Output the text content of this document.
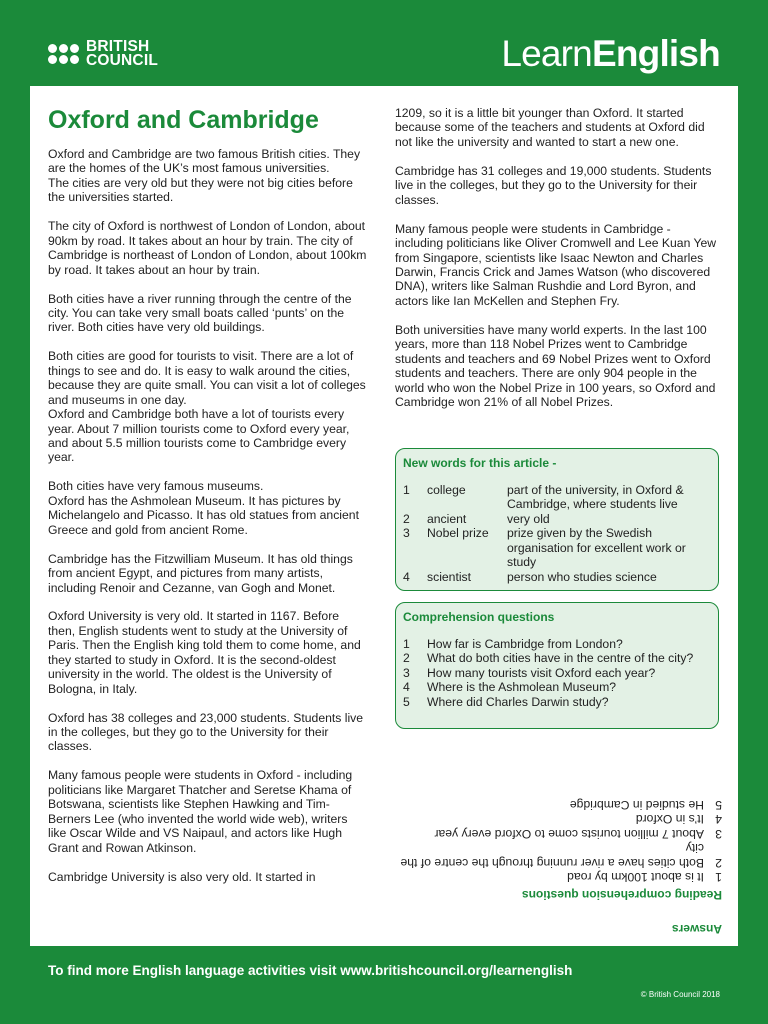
BRITISH
COUNCIL	LearnEnglish
Oxford and Cambridge

Oxford and Cambridge are two famous British cities. They are the homes of the UK’s most famous universities.
The cities are very old but they were not big cities before the universities started.

The city of Oxford is northwest of London of London, about 90km by road. It takes about an hour by train. The city of Cambridge is northeast of London of London, about 100km by road. It takes about an hour by train.

Both cities have a river running through the centre of the city. You can take very small boats called ‘punts’ on the river. Both cities have very old buildings.

Both cities are good for tourists to visit. There are a lot of things to see and do. It is easy to walk around the cities, because they are quite small. You can visit a lot of colleges and museums in one day.
Oxford and Cambridge both have a lot of tourists every year. About 7 million tourists come to Oxford every year, and about 5.5 million tourists come to Cambridge every year.

Both cities have very famous museums.
Oxford has the Ashmolean Museum. It has pictures by Michelangelo and Picasso. It has old statues from ancient Greece and gold from ancient Rome.

Cambridge has the Fitzwilliam Museum. It has old things from ancient Egypt, and pictures from many artists, including Renoir and Cezanne, van Gogh and Monet.

Oxford University is very old. It started in 1167. Before then, English students went to study at the University of Paris. Then the English king told them to come home, and they started to study in Oxford. It is the second-oldest university in the world. The oldest is the University of Bologna, in Italy.

Oxford has 38 colleges and 23,000 students. Students live in the colleges, but they go to the University for their classes.

Many famous people were students in Oxford - including politicians like Margaret Thatcher and Seretse Khama of Botswana, scientists like Stephen Hawking and Tim-Berners Lee (who invented the world wide web), writers like Oscar Wilde and VS Naipaul, and actors like Hugh Grant and Rowan Atkinson.

Cambridge University is also very old. It started in

1209, so it is a little bit younger than Oxford. It started because some of the teachers and students at Oxford did not like the university and wanted to start a new one.

Cambridge has 31 colleges and 19,000 students. Students live in the colleges, but they go to the University for their classes.

Many famous people were students in Cambridge - including politicians like Oliver Cromwell and Lee Kuan Yew from Singapore, scientists like Isaac Newton and Charles Darwin, Francis Crick and James Watson (who discovered DNA), writers like Salman Rushdie and Lord Byron, and actors like Ian McKellen and Stephen Fry.

Both universities have many world experts. In the last 100 years, more than 118 Nobel Prizes went to Cambridge students and teachers and 69 Nobel Prizes went to Oxford students and teachers. There are only 904 people in the world who won the Nobel Prize in 100 years, so Oxford and Cambridge won 21% of all Nobel Prizes.

New words for this article -
1	college	part of the university, in Oxford & Cambridge, where students live
2	ancient	very old
3	Nobel prize	prize given by the Swedish organisation for excellent work or study
4	scientist	person who studies science
Comprehension questions
1	How far is Cambridge from London?
2	What do both cities have in the centre of the city?
3	How many tourists visit Oxford each year?
4	Where is the Ashmolean Museum?
5	Where did Charles Darwin study?
Answers
Reading comprehension questions
1
It is about 100km by road
2
Both cities have a river running through the centre of the city
3
About 7 million tourists come to Oxford every year
4
It’s in Oxford
5
He studied in Cambridge
To find more English language activities visit www.britishcouncil.org/learnenglish
© British Council 2018
